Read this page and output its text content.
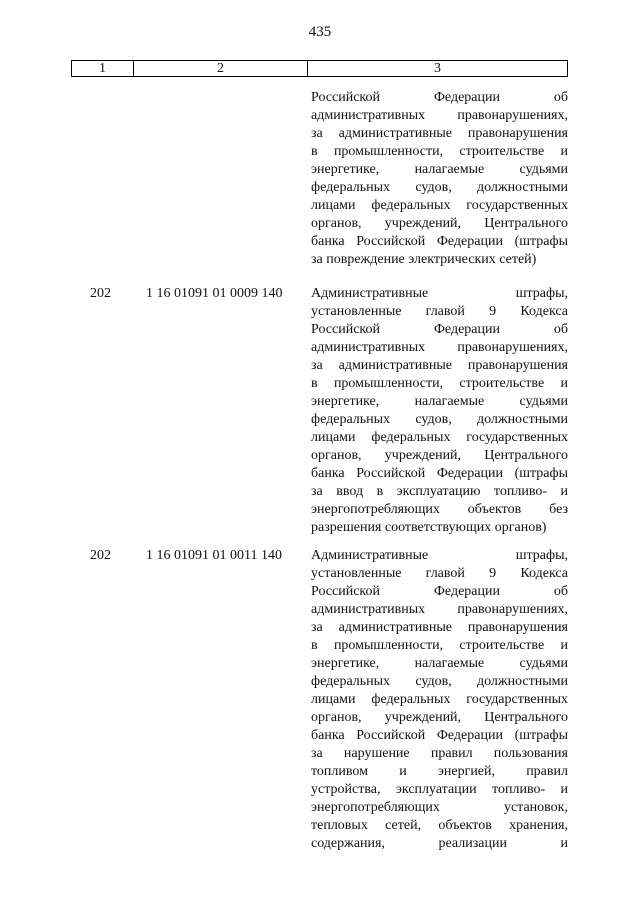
435
1	2	3
Российской Федерации об
административных правонарушениях,
за административные правонарушения
в промышленности, строительстве и
энергетике, налагаемые судьями
федеральных судов, должностными
лицами федеральных государственных
органов, учреждений, Центрального
банка Российской Федерации (штрафы
за повреждение электрических сетей)
202	1 16 01091 01 0009 140 Административные штрафы,
установленные главой 9 Кодекса
Российской Федерации об
административных правонарушениях,
за административные правонарушения
в промышленности, строительстве и
энергетике, налагаемые судьями
федеральных судов, должностными
лицами федеральных государственных
органов, учреждений, Центрального
банка Российской Федерации (штрафы
за ввод в эксплуатацию топливо- и
энергопотребляющих объектов без
разрешения соответствующих органов)
202	1 16 01091 01 0011 140 Административные штрафы,
установленные главой 9 Кодекса
Российской Федерации об
административных правонарушениях,
за административные правонарушения
в промышленности, строительстве и
энергетике, налагаемые судьями
федеральных судов, должностными
лицами федеральных государственных
органов, учреждений, Центрального
банка Российской Федерации (штрафы
за нарушение правил пользования
топливом и энергией, правил
устройства, эксплуатации топливо- и
энергопотребляющих установок,
тепловых сетей, объектов хранения,
содержания, реализации и
